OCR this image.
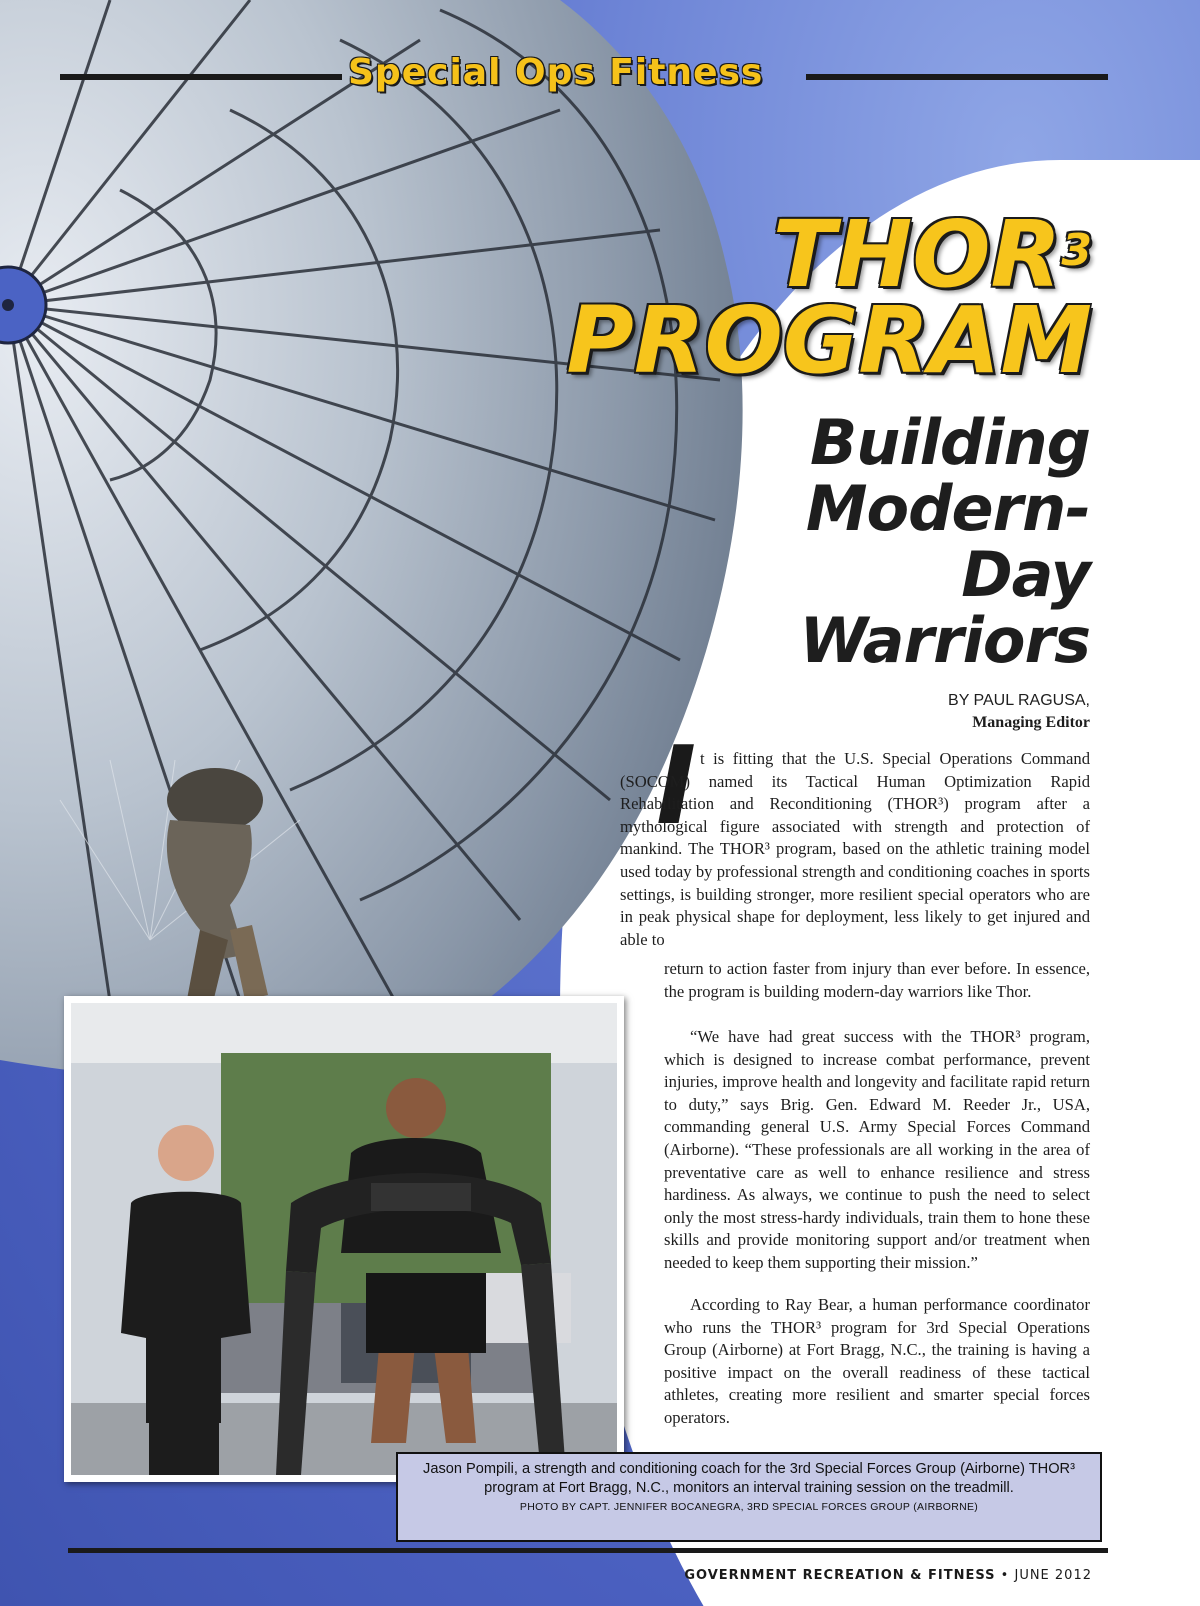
Special Ops Fitness
THOR$^3$
PROGRAM
Building
Modern-
Day
Warriors
BY PAUL RAGUSA,
Managing Editor
I t is fitting that the U.S. Special Operations Command (SOCOM) named its Tactical Human Optimization Rapid Rehabilitation and Reconditioning (THOR³) program after a mythological figure associated with strength and protection of mankind. The THOR³ program, based on the athletic training model used today by professional strength and conditioning coaches in sports settings, is building stronger, more resilient special operators who are in peak physical shape for deployment, less likely to get injured and able to

return to action faster from injury than ever before. In essence, the program is building modern-day warriors like Thor.

“We have had great success with the THOR³ program, which is designed to increase combat performance, prevent injuries, improve health and longevity and facilitate rapid return to duty,” says Brig. Gen. Edward M. Reeder Jr., USA, commanding general U.S. Army Special Forces Command (Airborne). “These professionals are all working in the area of preventative care as well to enhance resilience and stress hardiness. As always, we continue to push the need to select only the most stress-hardy individuals, train them to hone these skills and provide monitoring support and/or treatment when needed to keep them supporting their mission.”

According to Ray Bear, a human performance coordinator who runs the THOR³ program for 3rd Special Operations Group (Airborne) at Fort Bragg, N.C., the training is having a positive impact on the overall readiness of these tactical athletes, creating more resilient and smarter special forces operators.

Jason Pompili, a strength and conditioning coach for the 3rd Special Forces Group (Airborne) THOR³ program at Fort Bragg, N.C., monitors an interval training session on the treadmill.

PHOTO BY CAPT. JENNIFER BOCANEGRA, 3RD SPECIAL FORCES GROUP (AIRBORNE)

GOVERNMENT RECREATION & FITNESS • JUNE 2012
